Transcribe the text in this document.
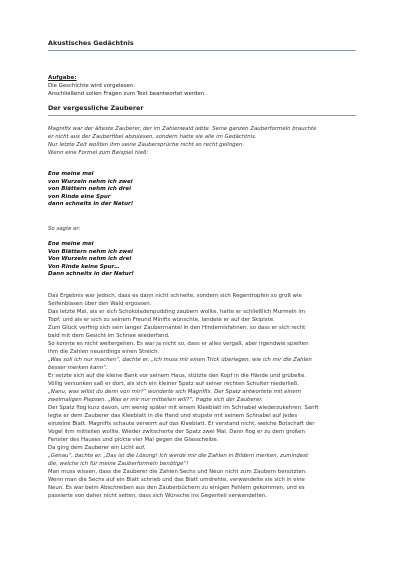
Akustisches Gedächtnis
Aufgabe:
Die Geschichte wird vorgelesen.
Anschließend sollen Fragen zum Text beantwortet werden.
Der vergessliche Zauberer
Magnifix war der älteste Zauberer, der im Zahlenwald lebte. Seine ganzen Zauberformeln brauchte
er nicht aus der Zauberfibel abzulesen, sondern hatte sie alle im Gedächtnis.
Nur letzte Zeit wollten ihm seine Zaubersprüche nicht so recht gelingen.
Wenn eine Formel zum Beispiel hieß:
Ene meine mei
von Wurzeln nehm ich zwei
von Blättern nehm ich drei
von Rinde eine Spur
dann schneits in der Natur!
So sagte er:
Ene meine mei
Von Blättern nehm ich zwei
Von Wurzeln nehm ich drei
Von Rinde keine Spur…
Dann schneits in der Natur!

Das Ergebnis war jedoch, dass es dann nicht schneite, sondern sich Regentropfen so groß wie

Seifenblasen über den Wald ergossen.

Das letzte Mal, als er sich Schokoladenpudding zaubern wollte, hatte er schließlich Murmeln im

Topf; und als er sich zu seinem Freund Minifix wünschte, landete er auf der Skipiste.

Zum Glück verfing sich sein langer Zaubermantel in den Hindernisfahnen, so dass er sich recht

bald mit dem Gesicht im Schnee wiederfand.

So konnte es nicht weitergehen. Es war ja nicht so, dass er alles vergaß, aber irgendwie spielten

ihm die Zahlen neuerdings einen Streich.

„Was soll ich nur machen“, dachte er. „Ich muss mir einen Trick überlegen, wie ich mir die Zahlen

besser merken kann“.

Er setzte sich auf die kleine Bank vor seinem Haus, stützte den Kopf in die Hände und grübelte.

Völlig versunken saß er dort, als sich ein kleiner Spatz auf seiner rechten Schulter niederließ.

„Nanu, was willst du denn von mir?“ wunderte sich Magnifix. Der Spatz antwortete mit einem

zweimaligen Piepsen. „Was er mir nur mitteilen will?“, fragte sich der Zauberer.

Der Spatz flog kurz davon, um wenig später mit einem Kleeblatt im Schnabel wiederzukehren. Sanft

legte er dem Zauberer das Kleeblatt in die Hand und stupste mit seinem Schnabel auf jedes

einzelne Blatt. Magnifix schaute verwirrt auf das Kleeblatt. Er verstand nicht, welche Botschaft der

Vogel ihm mitteilen wollte. Wieder zwitscherte der Spatz zwei Mal. Dann flog er zu dem großen

Fenster des Hauses und pickte vier Mal gegen die Glasscheibe.

Da ging dem Zauberer ein Licht auf.

„Genau“, dachte er. „Das ist die Lösung! Ich werde mir die Zahlen in Bildern merken, zumindest

die, welche ich für meine Zauberformeln benötige“!

Man muss wissen, dass die Zauberer die Zahlen Sechs und Neun nicht zum Zaubern benutzten.

Wenn man die Sechs auf ein Blatt schrieb und das Blatt umdrehte, verwandelte sie sich in eine

Neun. Es war beim Abschreiben aus den Zauberbüchern zu einigen Fehlern gekommen, und es

passierte von daher nicht selten, dass sich Wünsche ins Gegenteil verwandelten.
